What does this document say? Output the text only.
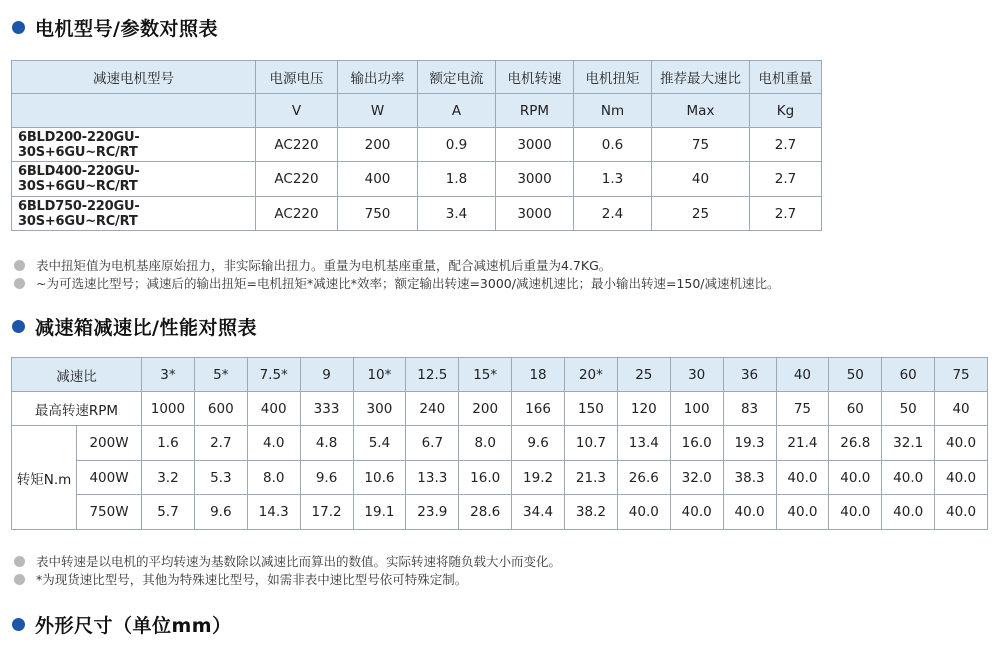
电机型号/参数对照表
减速电机型号	电源电压	输出功率	额定电流	电机转速	电机扭矩	推荐最大速比	电机重量
	V	W	A	RPM	Nm	Max	Kg
6BLD200-220GU-30S+6GU~RC/RT	AC220	200	0.9	3000	0.6	75	2.7
6BLD400-220GU-30S+6GU~RC/RT	AC220	400	1.8	3000	1.3	40	2.7
6BLD750-220GU-30S+6GU~RC/RT	AC220	750	3.4	3000	2.4	25	2.7
表中扭矩值为电机基座原始扭力，非实际输出扭力。重量为电机基座重量，配合减速机后重量为4.7KG。
~为可选速比型号；减速后的输出扭矩=电机扭矩*减速比*效率；额定输出转速=3000/减速机速比；最小输出转速=150/减速机速比。
减速箱减速比/性能对照表
减速比		3*	5*	7.5*	9	10*	12.5	15*	18	20*	25	30	36	40	50	60	75
最高转速RPM		1000	600	400	333	300	240	200	166	150	120	100	83	75	60	50	40
转矩N.m	200W	1.6	2.7	4.0	4.8	5.4	6.7	8.0	9.6	10.7	13.4	16.0	19.3	21.4	26.8	32.1	40.0
	400W	3.2	5.3	8.0	9.6	10.6	13.3	16.0	19.2	21.3	26.6	32.0	38.3	40.0	40.0	40.0	40.0
	750W	5.7	9.6	14.3	17.2	19.1	23.9	28.6	34.4	38.2	40.0	40.0	40.0	40.0	40.0	40.0	40.0
表中转速是以电机的平均转速为基数除以减速比而算出的数值。实际转速将随负载大小而变化。
*为现货速比型号，其他为特殊速比型号，如需非表中速比型号依可特殊定制。
外形尺寸（单位mm）
